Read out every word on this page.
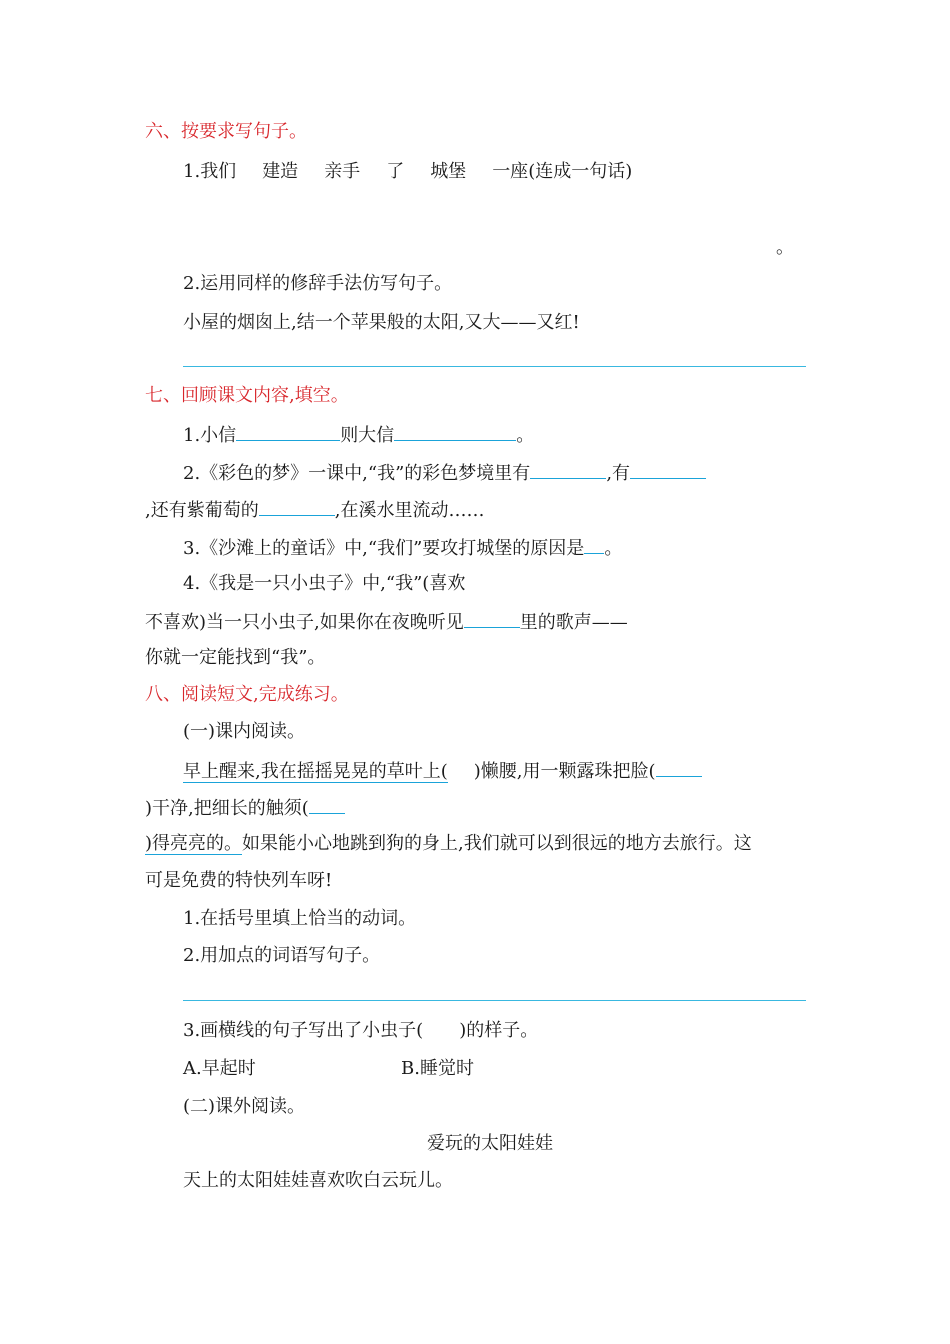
六、按要求写句子。
1.我们 建造 亲手 了 城堡 一座(连成一句话)
。
2.运用同样的修辞手法仿写句子。
小屋的烟囱上,结一个苹果般的太阳,又大——又红!
七、回顾课文内容,填空。
1.小信	则大信	。
2.《彩色的梦》一课中,“我”的彩色梦境里有	,有
,还有紫葡萄的	,在溪水里流动……
3.《沙滩上的童话》中,“我们”要攻打城堡的原因是 。
4.《我是一只小虫子》中,“我”(喜欢
不喜欢)当一只小虫子,如果你在夜晚听见	里的歌声——
你就一定能找到“我”。
八、阅读短文,完成练习。
(一)课内阅读。
早上醒来,我在摇摇晃晃的草叶上( )懒腰,用一颗露珠把脸(
)干净,把细长的触须(
)得亮亮的。如果能小心地跳到狗的身上,我们就可以到很远的地方去旅行。这
可是免费的特快列车呀!
1.在括号里填上恰当的动词。
2.用加点的词语写句子。
3.画横线的句子写出了小虫子(　　)的样子。
A.早起时	B.睡觉时
(二)课外阅读。
爱玩的太阳娃娃
天上的太阳娃娃喜欢吹白云玩儿。
